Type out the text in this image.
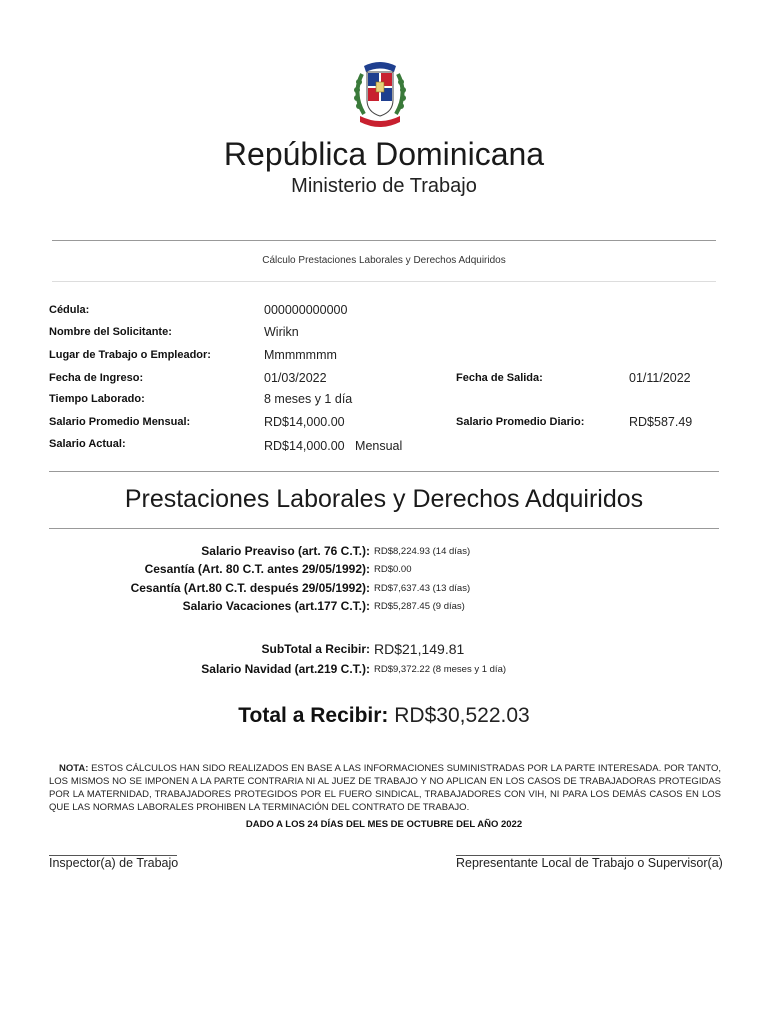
República Dominicana
Ministerio de Trabajo
Cálculo Prestaciones Laborales y Derechos Adquiridos
Cédula:	000000000000
Nombre del Solicitante:	Wirikn
Lugar de Trabajo o Empleador:	Mmmmmmm
Fecha de Ingreso:	01/03/2022	Fecha de Salida:	01/11/2022
Tiempo Laborado:	8 meses y 1 día
Salario Promedio Mensual:	RD$14,000.00	Salario Promedio Diario:	RD$587.49
Salario Actual:	RD$14,000.00   Mensual
Prestaciones Laborales y Derechos Adquiridos
Salario Preaviso (art. 76 C.T.): RD$8,224.93 (14 días)
Cesantía (Art. 80 C.T. antes 29/05/1992): RD$0.00
Cesantía (Art.80 C.T. después 29/05/1992): RD$7,637.43 (13 días)
Salario Vacaciones (art.177 C.T.): RD$5,287.45 (9 días)
SubTotal a Recibir: RD$21,149.81
Salario Navidad (art.219 C.T.): RD$9,372.22 (8 meses y 1 día)
Total a Recibir: RD$30,522.03
NOTA: ESTOS CÁLCULOS HAN SIDO REALIZADOS EN BASE A LAS INFORMACIONES SUMINISTRADAS POR LA PARTE INTERESADA. POR TANTO, LOS MISMOS NO SE IMPONEN A LA PARTE CONTRARIA NI AL JUEZ DE TRABAJO Y NO APLICAN EN LOS CASOS DE TRABAJADORAS PROTEGIDAS POR LA MATERNIDAD, TRABAJADORES PROTEGIDOS POR EL FUERO SINDICAL, TRABAJADORES CON VIH, NI PARA LOS DEMÁS CASOS EN LOS QUE LAS NORMAS LABORALES PROHIBEN LA TERMINACIÓN DEL CONTRATO DE TRABAJO.
DADO A LOS 24 DÍAS DEL MES DE OCTUBRE DEL AÑO 2022
Inspector(a) de Trabajo	Representante Local de Trabajo o Supervisor(a)
